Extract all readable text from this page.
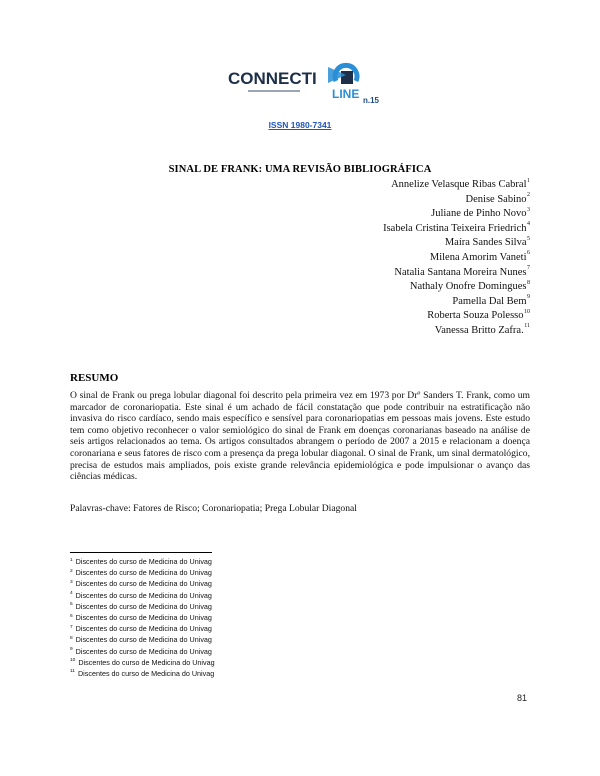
CONNECTI
LINE n.15
ISSN 1980-7341
SINAL DE FRANK: UMA REVISÃO BIBLIOGRÁFICA
Annelize Velasque Ribas Cabral$^1$
Denise Sabino$^2$
Juliane de Pinho Novo$^3$
Isabela Cristina Teixeira Friedrich$^4$
Maíra Sandes Silva$^5$
Milena Amorim Vaneti$^6$
Natalia Santana Moreira Nunes$^7$
Nathaly Onofre Domingues$^8$
Pamella Dal Bem$^9$
Roberta Souza Polesso$^{10}$
Vanessa Britto Zafra.$^{11}$
RESUMO
O sinal de Frank ou prega lobular diagonal foi descrito pela primeira vez em 1973 por Drº Sanders T. Frank, como um marcador de coronariopatia. Este sinal é um achado de fácil constatação que pode contribuir na estratificação não invasiva do risco cardíaco, sendo mais específico e sensível para coronariopatias em pessoas mais jovens. Este estudo tem como objetivo reconhecer o valor semiológico do sinal de Frank em doenças coronarianas baseado na análise de seis artigos relacionados ao tema. Os artigos consultados abrangem o período de 2007 a 2015 e relacionam a doença coronariana e seus fatores de risco com a presença da prega lobular diagonal. O sinal de Frank, um sinal dermatológico, precisa de estudos mais ampliados, pois existe grande relevância epidemiológica e pode impulsionar o avanço das ciências médicas.
Palavras-chave: Fatores de Risco; Coronariopatia; Prega Lobular Diagonal
$^1$ Discentes do curso de Medicina do Univag
$^2$ Discentes do curso de Medicina do Univag
$^3$ Discentes do curso de Medicina do Univag
$^4$ Discentes do curso de Medicina do Univag
$^5$ Discentes do curso de Medicina do Univag
$^6$ Discentes do curso de Medicina do Univag
$^7$ Discentes do curso de Medicina do Univag
$^8$ Discentes do curso de Medicina do Univag
$^9$ Discentes do curso de Medicina do Univag
$^{10}$ Discentes do curso de Medicina do Univag
$^{11}$ Discentes do curso de Medicina do Univag
81
